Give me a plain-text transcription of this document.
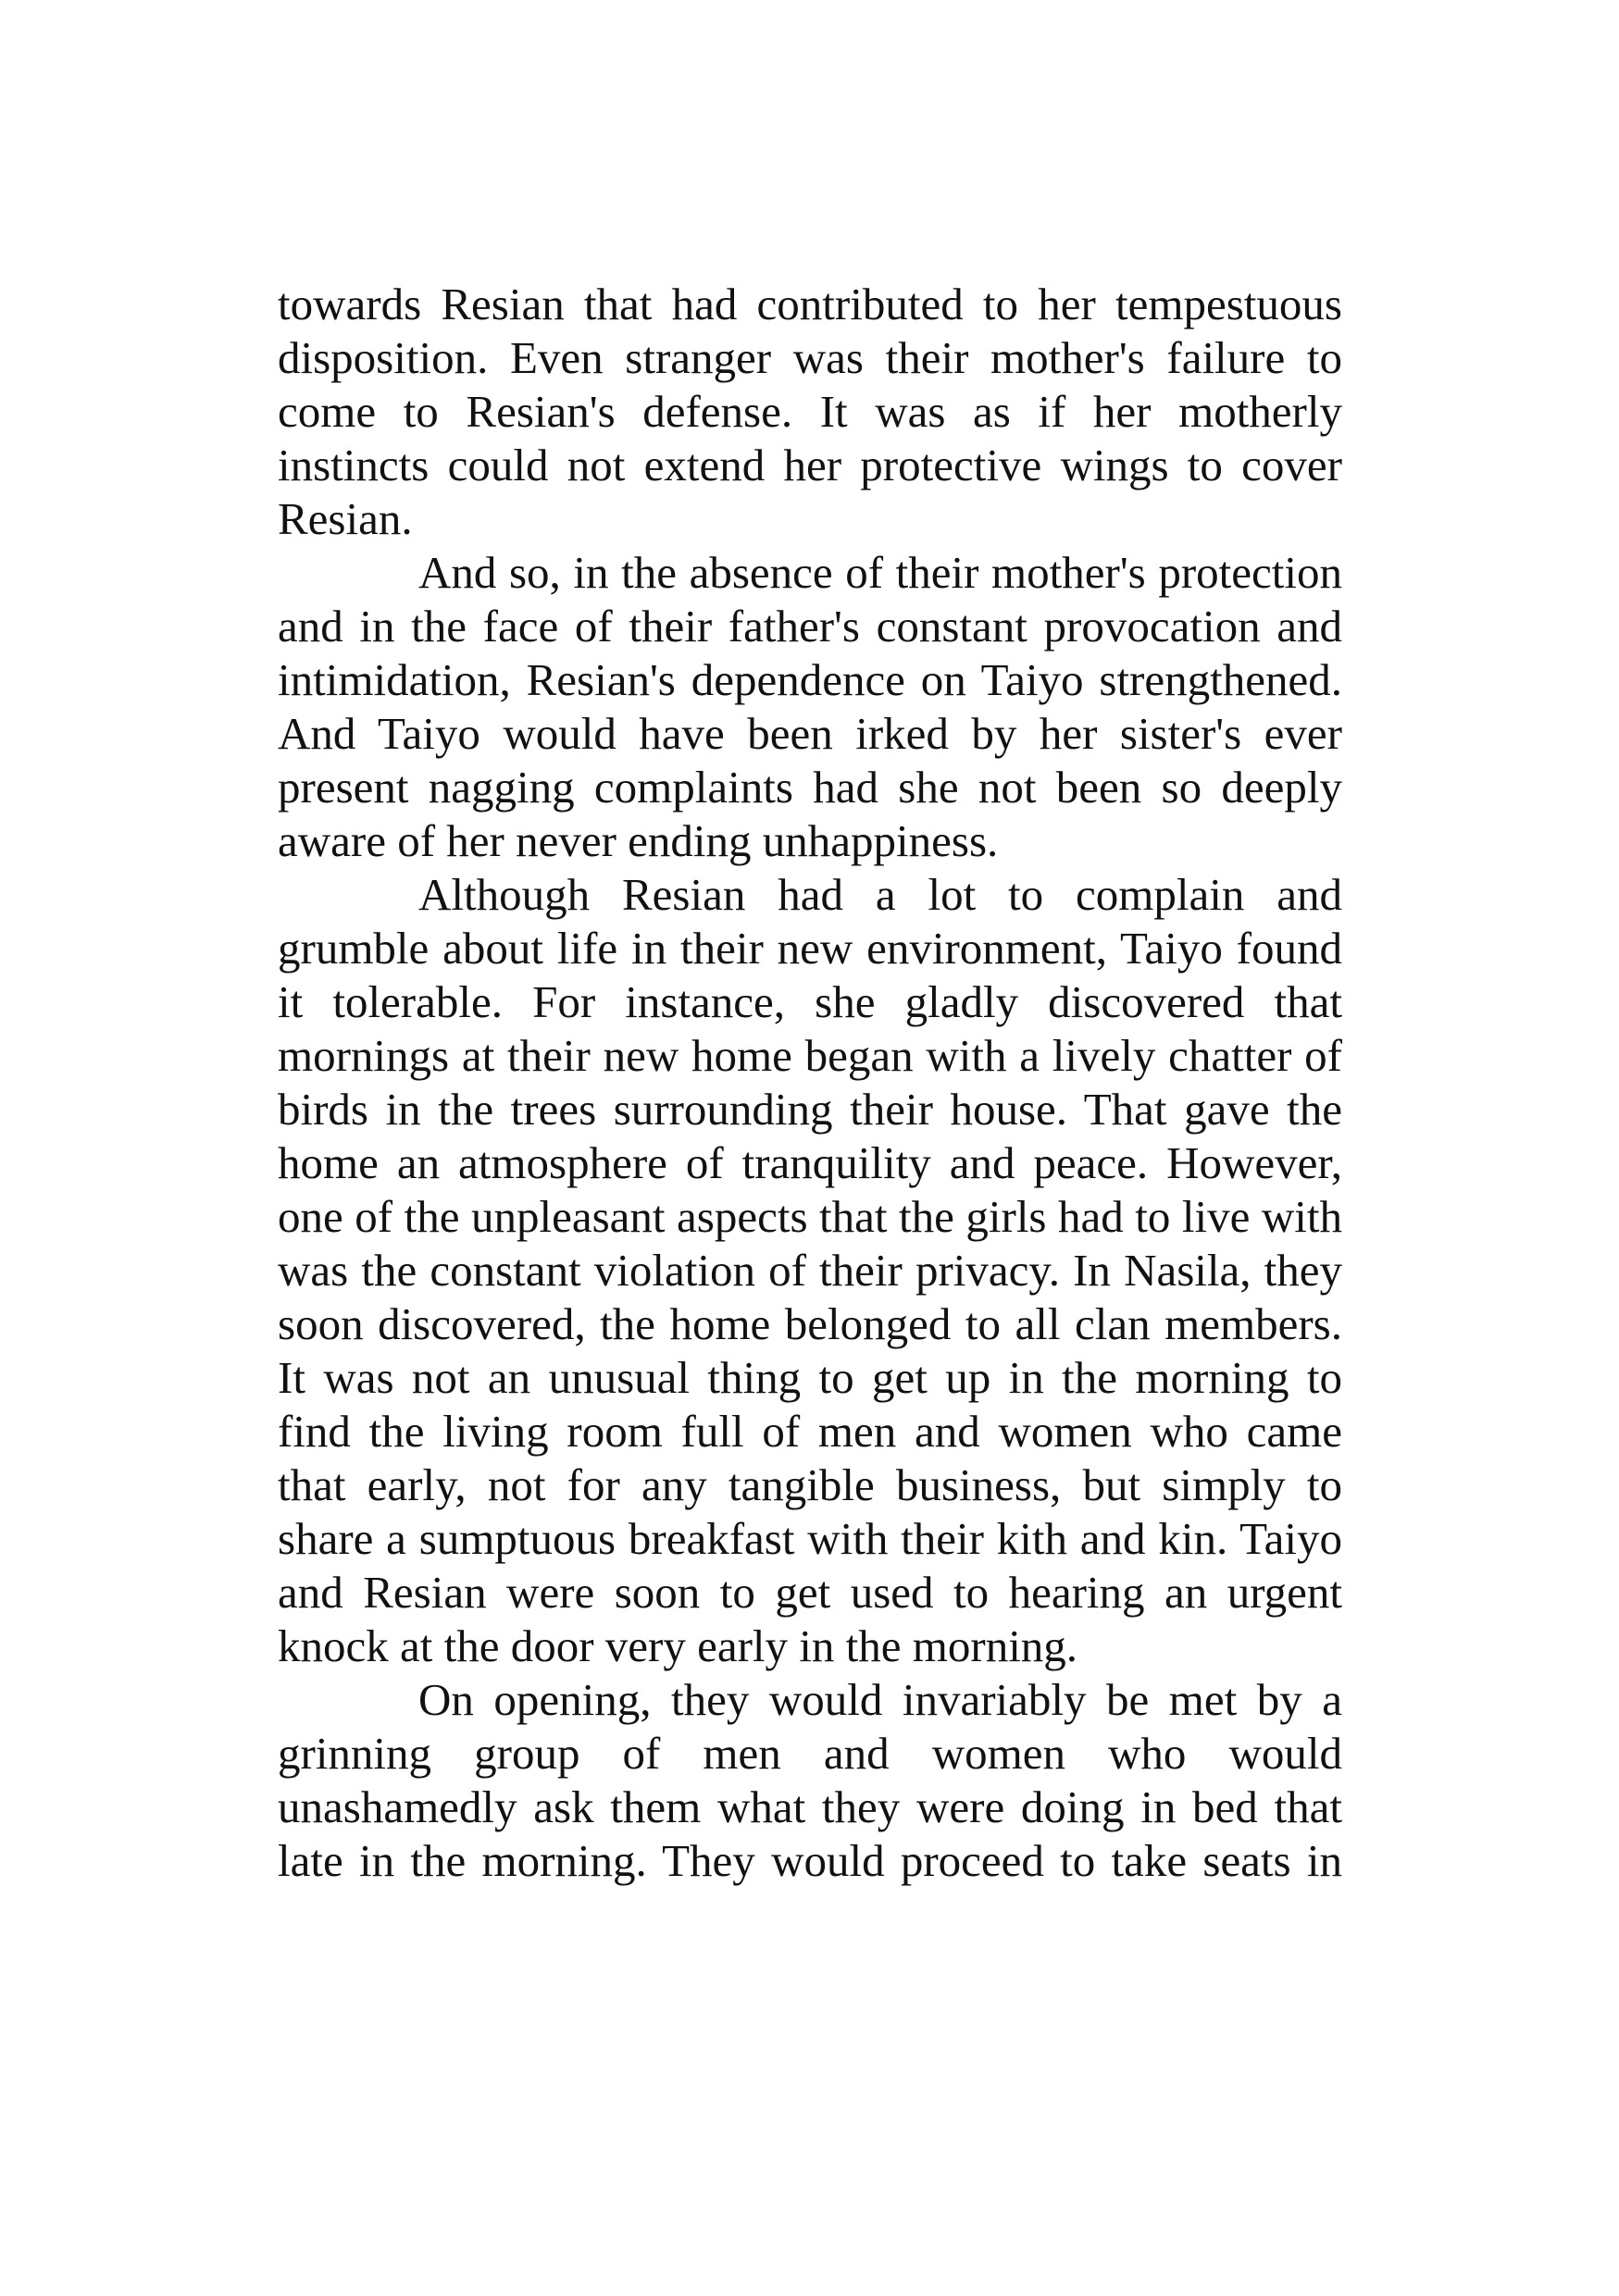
towards Resian that had contributed to her tempestuous disposition. Even stranger was their mother's failure to come to Resian's defense. It was as if her motherly instincts could not extend her protective wings to cover Resian.

And so, in the absence of their mother's protection and in the face of their father's constant provocation and intimidation, Resian's dependence on Taiyo strengthened. And Taiyo would have been irked by her sister's ever present nagging complaints had she not been so deeply aware of her never ending unhappiness.

Although Resian had a lot to complain and grumble about life in their new environment, Taiyo found it tolerable. For instance, she gladly discovered that mornings at their new home began with a lively chatter of birds in the trees surrounding their house. That gave the home an atmosphere of tranquility and peace. However, one of the unpleasant aspects that the girls had to live with was the constant violation of their privacy. In Nasila, they soon discovered, the home belonged to all clan members. It was not an unusual thing to get up in the morning to find the living room full of men and women who came that early, not for any tangible business, but simply to share a sumptuous breakfast with their kith and kin. Taiyo and Resian were soon to get used to hearing an urgent knock at the door very early in the morning.

On opening, they would invariably be met by a grinning group of men and women who would unashamedly ask them what they were doing in bed that late in the morning. They would proceed to take seats in
